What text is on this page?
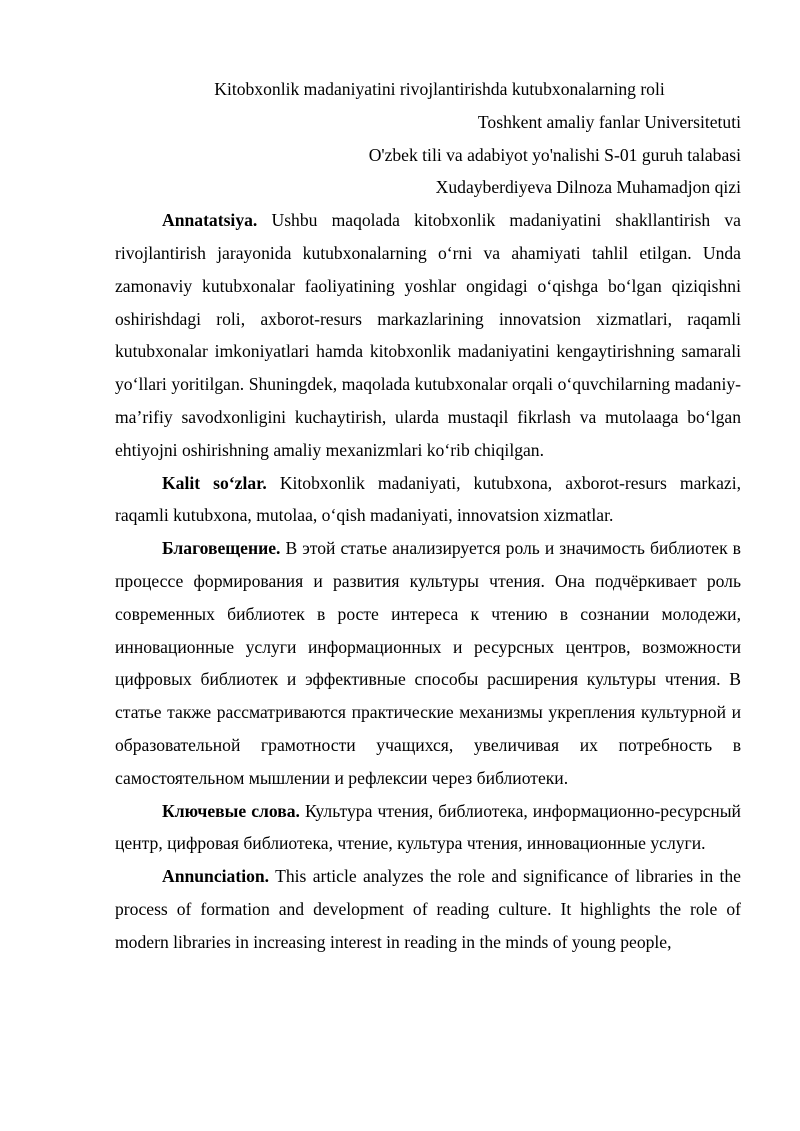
Kitobxonlik madaniyatini rivojlantirishda kutubxonalarning roli

Toshkent amaliy fanlar Universitetuti

O'zbek tili va adabiyot yo'nalishi S-01 guruh talabasi

Xudayberdiyeva Dilnoza Muhamadjon qizi

Annatatsiya. Ushbu maqolada kitobxonlik madaniyatini shakllantirish va rivojlantirish jarayonida kutubxonalarning o‘rni va ahamiyati tahlil etilgan. Unda zamonaviy kutubxonalar faoliyatining yoshlar ongidagi o‘qishga bo‘lgan qiziqishni oshirishdagi roli, axborot-resurs markazlarining innovatsion xizmatlari, raqamli kutubxonalar imkoniyatlari hamda kitobxonlik madaniyatini kengaytirishning samarali yo‘llari yoritilgan. Shuningdek, maqolada kutubxonalar orqali o‘quvchilarning madaniy-ma’rifiy savodxonligini kuchaytirish, ularda mustaqil fikrlash va mutolaaga bo‘lgan ehtiyojni oshirishning amaliy mexanizmlari ko‘rib chiqilgan.

Kalit so‘zlar. Kitobxonlik madaniyati, kutubxona, axborot-resurs markazi, raqamli kutubxona, mutolaa, o‘qish madaniyati, innovatsion xizmatlar.

Благовещение. В этой статье анализируется роль и значимость библиотек в процессе формирования и развития культуры чтения. Она подчёркивает роль современных библиотек в росте интереса к чтению в сознании молодежи, инновационные услуги информационных и ресурсных центров, возможности цифровых библиотек и эффективные способы расширения культуры чтения. В статье также рассматриваются практические механизмы укрепления культурной и образовательной грамотности учащихся, увеличивая их потребность в самостоятельном мышлении и рефлексии через библиотеки.

Ключевые слова. Культура чтения, библиотека, информационно-ресурсный центр, цифровая библиотека, чтение, культура чтения, инновационные услуги.

Annunciation. This article analyzes the role and significance of libraries in the process of formation and development of reading culture. It highlights the role of modern libraries in increasing interest in reading in the minds of young people,
